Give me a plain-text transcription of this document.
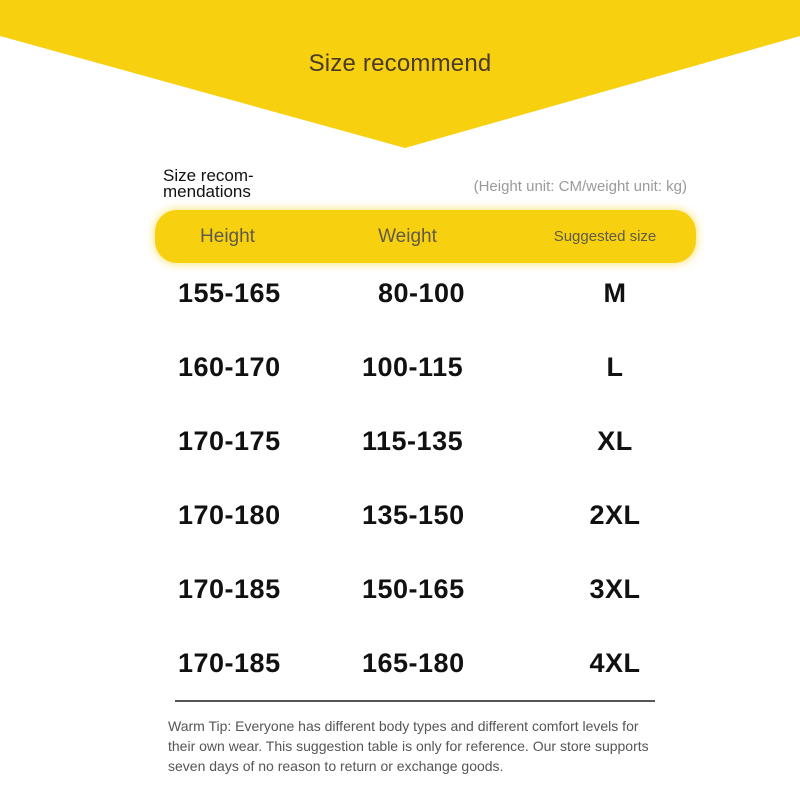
Size recommend
Size recom-
mendations	(Height unit: CM/weight unit: kg)
Height	Weight	Suggested size
155-165	80-100	M
160-170	100-115	L
170-175	115-135	XL
170-180	135-150	2XL
170-185	150-165	3XL
170-185	165-180	4XL
Warm Tip: Everyone has different body types and different comfort levels for their own wear. This suggestion table is only for reference. Our store supports seven days of no reason to return or exchange goods.
